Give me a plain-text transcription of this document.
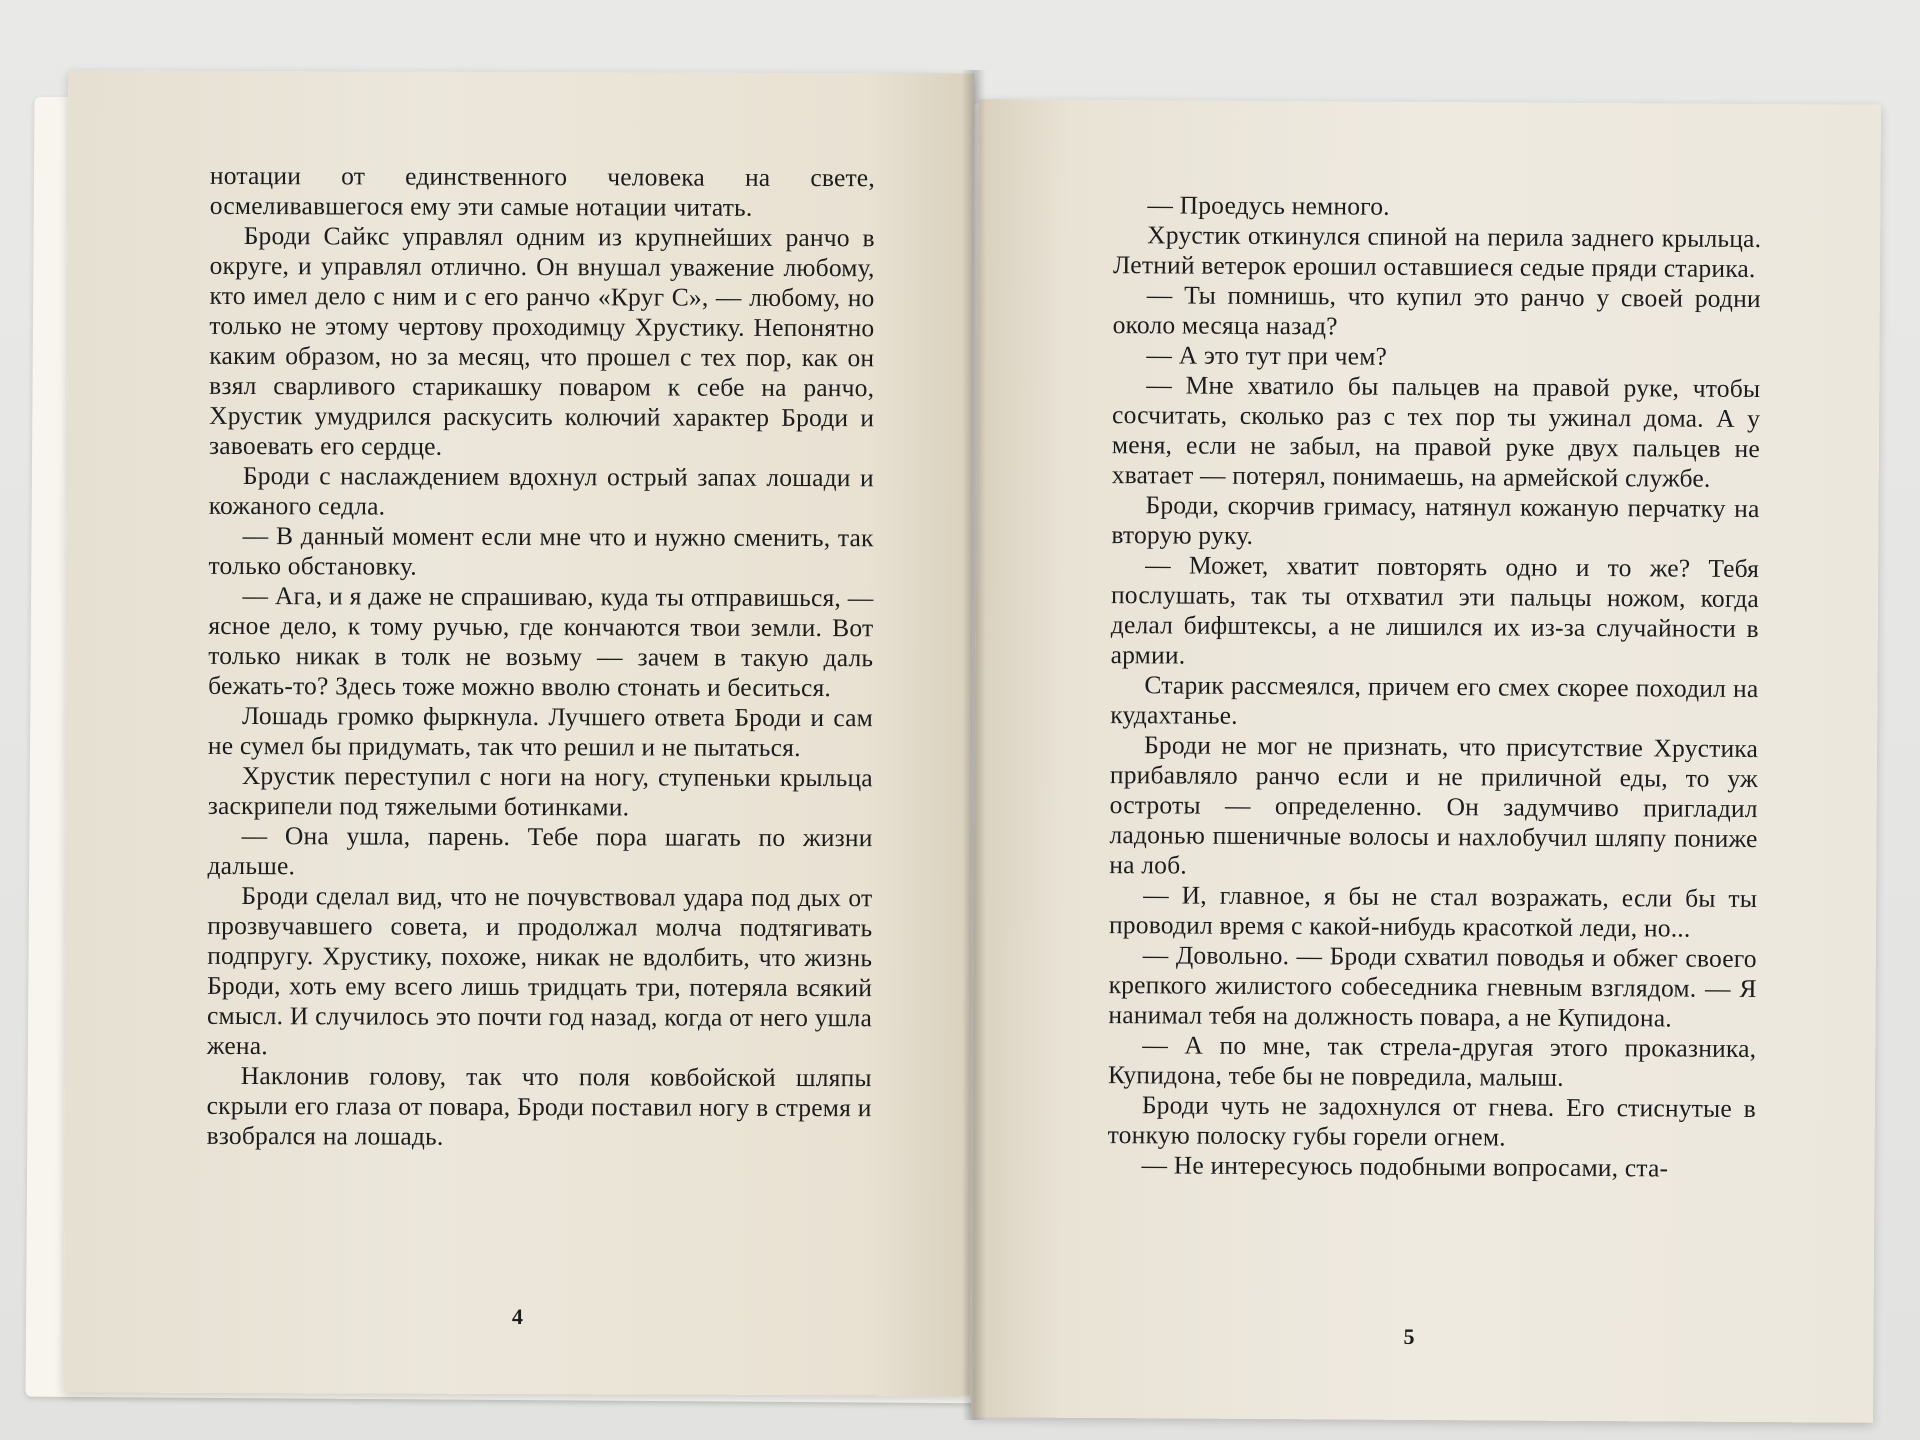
нотации от единственного человека на свете, осмеливавшегося ему эти самые нотации читать.

Броди Сайкс управлял одним из крупнейших ранчо в округе, и управлял отлично. Он внушал уважение любому, кто имел дело с ним и с его ранчо «Круг С», — любому, но только не этому чертову проходимцу Хрустику. Непонятно каким образом, но за месяц, что прошел с тех пор, как он взял сварливого старикашку поваром к себе на ранчо, Хрустик умудрился раскусить колючий характер Броди и завоевать его сердце.

Броди с наслаждением вдохнул острый запах лошади и кожаного седла.

— В данный момент если мне что и нужно сменить, так только обстановку.

— Ага, и я даже не спрашиваю, куда ты отправишься, — ясное дело, к тому ручью, где кончаются твои земли. Вот только никак в толк не возьму — зачем в такую даль бежать-то? Здесь тоже можно вволю стонать и беситься.

Лошадь громко фыркнула. Лучшего ответа Броди и сам не сумел бы придумать, так что решил и не пытаться.

Хрустик переступил с ноги на ногу, ступеньки крыльца заскрипели под тяжелыми ботинками.

— Она ушла, парень. Тебе пора шагать по жизни дальше.

Броди сделал вид, что не почувствовал удара под дых от прозвучавшего совета, и продолжал молча подтягивать подпругу. Хрустику, похоже, никак не вдолбить, что жизнь Броди, хоть ему всего лишь тридцать три, потеряла всякий смысл. И случилось это почти год назад, когда от него ушла жена.

Наклонив голову, так что поля ковбойской шляпы скрыли его глаза от повара, Броди поставил ногу в стремя и взобрался на лошадь.

4

— Проедусь немного.

Хрустик откинулся спиной на перила заднего крыльца. Летний ветерок ерошил оставшиеся седые пряди старика.

— Ты помнишь, что купил это ранчо у своей родни около месяца назад?

— А это тут при чем?

— Мне хватило бы пальцев на правой руке, чтобы сосчитать, сколько раз с тех пор ты ужинал дома. А у меня, если не забыл, на правой руке двух пальцев не хватает — потерял, понимаешь, на армейской службе.

Броди, скорчив гримасу, натянул кожаную перчатку на вторую руку.

— Может, хватит повторять одно и то же? Тебя послушать, так ты отхватил эти пальцы ножом, когда делал бифштексы, а не лишился их из-за случайности в армии.

Старик рассмеялся, причем его смех скорее походил на кудахтанье.

Броди не мог не признать, что присутствие Хрустика прибавляло ранчо если и не приличной еды, то уж остроты — определенно. Он задумчиво пригладил ладонью пшеничные волосы и нахлобучил шляпу пониже на лоб.

— И, главное, я бы не стал возражать, если бы ты проводил время с какой-нибудь красоткой леди, но...

— Довольно. — Броди схватил поводья и обжег своего крепкого жилистого собеседника гневным взглядом. — Я нанимал тебя на должность повара, а не Купидона.

— А по мне, так стрела-другая этого проказника, Купидона, тебе бы не повредила, малыш.

Броди чуть не задохнулся от гнева. Его стиснутые в тонкую полоску губы горели огнем.

— Не интересуюсь подобными вопросами, ста-

5
